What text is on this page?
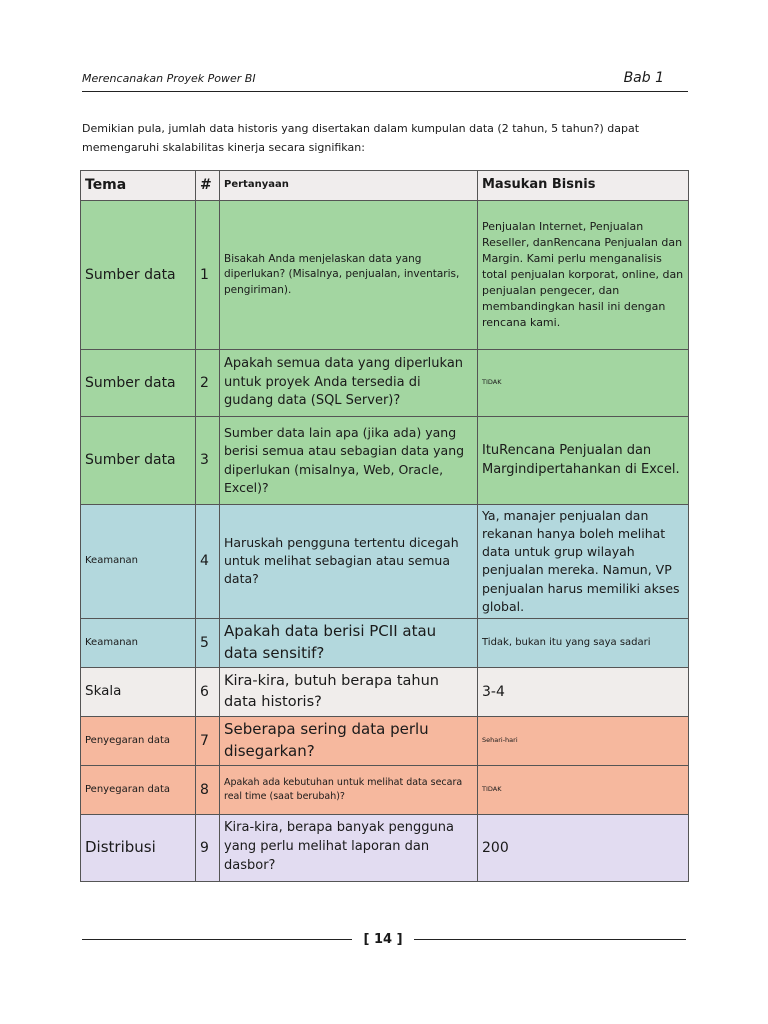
Merencanakan Proyek Power BI	Bab 1

Demikian pula, jumlah data historis yang disertakan dalam kumpulan data (2 tahun, 5 tahun?) dapat memengaruhi skalabilitas kinerja secara signifikan:

Tema	#	Pertanyaan	Masukan Bisnis
Sumber data	1	Bisakah Anda menjelaskan data yang diperlukan? (Misalnya, penjualan, inventaris, pengiriman).	Penjualan Internet, Penjualan Reseller, danRencana Penjualan dan Margin. Kami perlu menganalisis total penjualan korporat, online, dan penjualan pengecer, dan membandingkan hasil ini dengan rencana kami.
Sumber data	2	Apakah semua data yang diperlukan untuk proyek Anda tersedia di gudang data (SQL Server)?	TIDAK
Sumber data	3	Sumber data lain apa (jika ada) yang berisi semua atau sebagian data yang diperlukan (misalnya, Web, Oracle, Excel)?	ItuRencana Penjualan dan Margindipertahankan di Excel.
Keamanan	4	Haruskah pengguna tertentu dicegah untuk melihat sebagian atau semua data?	Ya, manajer penjualan dan rekanan hanya boleh melihat data untuk grup wilayah penjualan mereka. Namun, VP penjualan harus memiliki akses global.
Keamanan	5	Apakah data berisi PCII atau data sensitif?	Tidak, bukan itu yang saya sadari
Skala	6	Kira-kira, butuh berapa tahun data historis?	3-4
Penyegaran data	7	Seberapa sering data perlu disegarkan?	Sehari-hari
Penyegaran data	8	Apakah ada kebutuhan untuk melihat data secara real time (saat berubah)?	TIDAK
Distribusi	9	Kira-kira, berapa banyak pengguna yang perlu melihat laporan dan dasbor?	200
[ 14 ]
